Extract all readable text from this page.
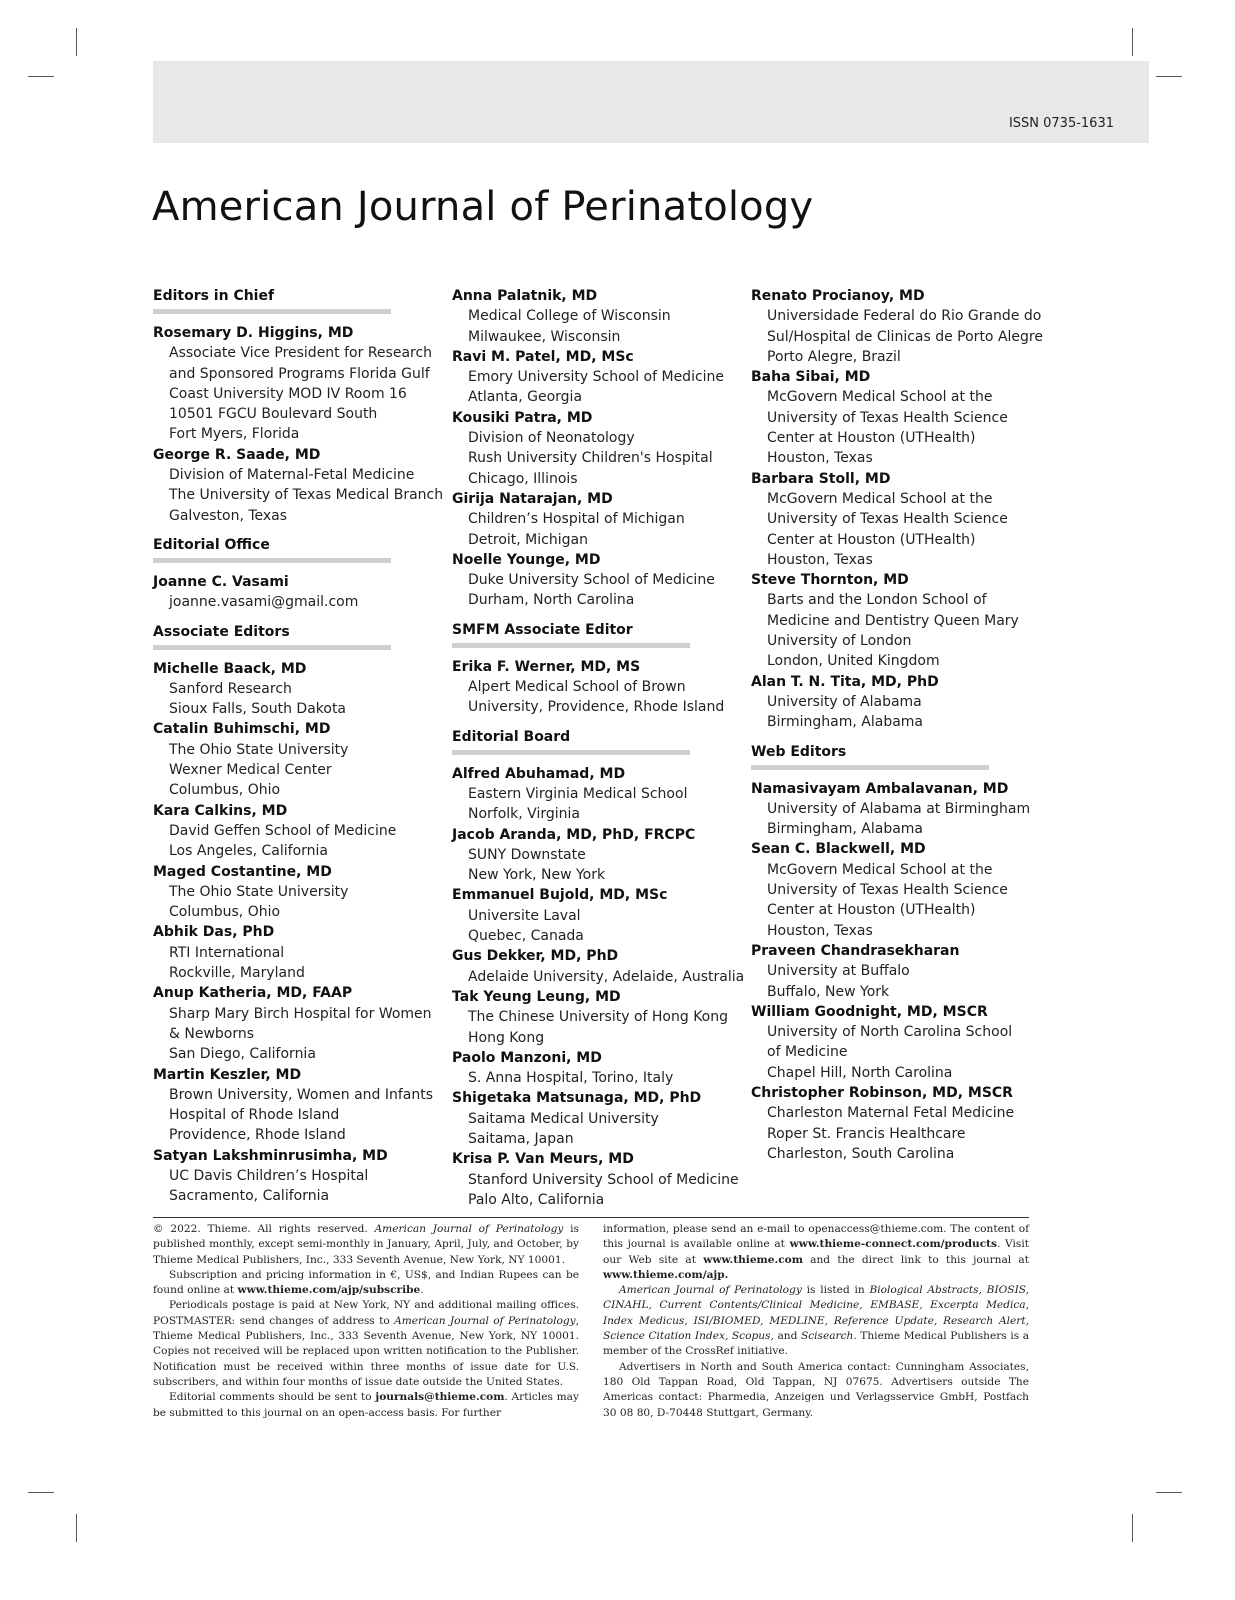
ISSN 0735-1631
American Journal of Perinatology
Editors in Chief
Rosemary D. Higgins, MD
Associate Vice President for Research
and Sponsored Programs Florida Gulf
Coast University MOD IV Room 16
10501 FGCU Boulevard South
Fort Myers, Florida
George R. Saade, MD
Division of Maternal-Fetal Medicine
The University of Texas Medical Branch
Galveston, Texas
Editorial Office
Joanne C. Vasami
joanne.vasami@gmail.com
Associate Editors
Michelle Baack, MD
Sanford Research
Sioux Falls, South Dakota
Catalin Buhimschi, MD
The Ohio State University
Wexner Medical Center
Columbus, Ohio
Kara Calkins, MD
David Geffen School of Medicine
Los Angeles, California
Maged Costantine, MD
The Ohio State University
Columbus, Ohio
Abhik Das, PhD
RTI International
Rockville, Maryland
Anup Katheria, MD, FAAP
Sharp Mary Birch Hospital for Women
& Newborns
San Diego, California
Martin Keszler, MD
Brown University, Women and Infants
Hospital of Rhode Island
Providence, Rhode Island
Satyan Lakshminrusimha, MD
UC Davis Children’s Hospital
Sacramento, California
Anna Palatnik, MD
Medical College of Wisconsin
Milwaukee, Wisconsin
Ravi M. Patel, MD, MSc
Emory University School of Medicine
Atlanta, Georgia
Kousiki Patra, MD
Division of Neonatology
Rush University Children's Hospital
Chicago, Illinois
Girija Natarajan, MD
Children’s Hospital of Michigan
Detroit, Michigan
Noelle Younge, MD
Duke University School of Medicine
Durham, North Carolina
SMFM Associate Editor
Erika F. Werner, MD, MS
Alpert Medical School of Brown
University, Providence, Rhode Island
Editorial Board
Alfred Abuhamad, MD
Eastern Virginia Medical School
Norfolk, Virginia
Jacob Aranda, MD, PhD, FRCPC
SUNY Downstate
New York, New York
Emmanuel Bujold, MD, MSc
Universite Laval
Quebec, Canada
Gus Dekker, MD, PhD
Adelaide University, Adelaide, Australia
Tak Yeung Leung, MD
The Chinese University of Hong Kong
Hong Kong
Paolo Manzoni, MD
S. Anna Hospital, Torino, Italy
Shigetaka Matsunaga, MD, PhD
Saitama Medical University
Saitama, Japan
Krisa P. Van Meurs, MD
Stanford University School of Medicine
Palo Alto, California
Renato Procianoy, MD
Universidade Federal do Rio Grande do
Sul/Hospital de Clinicas de Porto Alegre
Porto Alegre, Brazil
Baha Sibai, MD
McGovern Medical School at the
University of Texas Health Science
Center at Houston (UTHealth)
Houston, Texas
Barbara Stoll, MD
McGovern Medical School at the
University of Texas Health Science
Center at Houston (UTHealth)
Houston, Texas
Steve Thornton, MD
Barts and the London School of
Medicine and Dentistry Queen Mary
University of London
London, United Kingdom
Alan T. N. Tita, MD, PhD
University of Alabama
Birmingham, Alabama
Web Editors
Namasivayam Ambalavanan, MD
University of Alabama at Birmingham
Birmingham, Alabama
Sean C. Blackwell, MD
McGovern Medical School at the
University of Texas Health Science
Center at Houston (UTHealth)
Houston, Texas
Praveen Chandrasekharan
University at Buffalo
Buffalo, New York
William Goodnight, MD, MSCR
University of North Carolina School
of Medicine
Chapel Hill, North Carolina
Christopher Robinson, MD, MSCR
Charleston Maternal Fetal Medicine
Roper St. Francis Healthcare
Charleston, South Carolina

© 2022. Thieme. All rights reserved. American Journal of Perinatology is published monthly, except semi-monthly in January, April, July, and October, by Thieme Medical Publishers, Inc., 333 Seventh Avenue, New York, NY 10001.

Subscription and pricing information in €, US$, and Indian Rupees can be found online at www.thieme.com/ajp/subscribe.

Periodicals postage is paid at New York, NY and additional mailing offices. POSTMASTER: send changes of address to American Journal of Perinatology, Thieme Medical Publishers, Inc., 333 Seventh Avenue, New York, NY 10001. Copies not received will be replaced upon written notification to the Publisher. Notification must be received within three months of issue date for U.S. subscribers, and within four months of issue date outside the United States.

Editorial comments should be sent to journals@thieme.com. Articles may be submitted to this journal on an open-access basis. For further

information, please send an e-mail to openaccess@thieme.com. The content of this journal is available online at www.thieme-connect.com/products. Visit our Web site at www.thieme.com and the direct link to this journal at www.thieme.com/ajp.

American Journal of Perinatology is listed in Biological Abstracts, BIOSIS, CINAHL, Current Contents/Clinical Medicine, EMBASE, Excerpta Medica, Index Medicus, ISI/BIOMED, MEDLINE, Reference Update, Research Alert, Science Citation Index, Scopus, and Scisearch. Thieme Medical Publishers is a member of the CrossRef initiative.

Advertisers in North and South America contact: Cunningham Associates, 180 Old Tappan Road, Old Tappan, NJ 07675. Advertisers outside The Americas contact: Pharmedia, Anzeigen und Verlagsservice GmbH, Postfach 30 08 80, D-70448 Stuttgart, Germany.
